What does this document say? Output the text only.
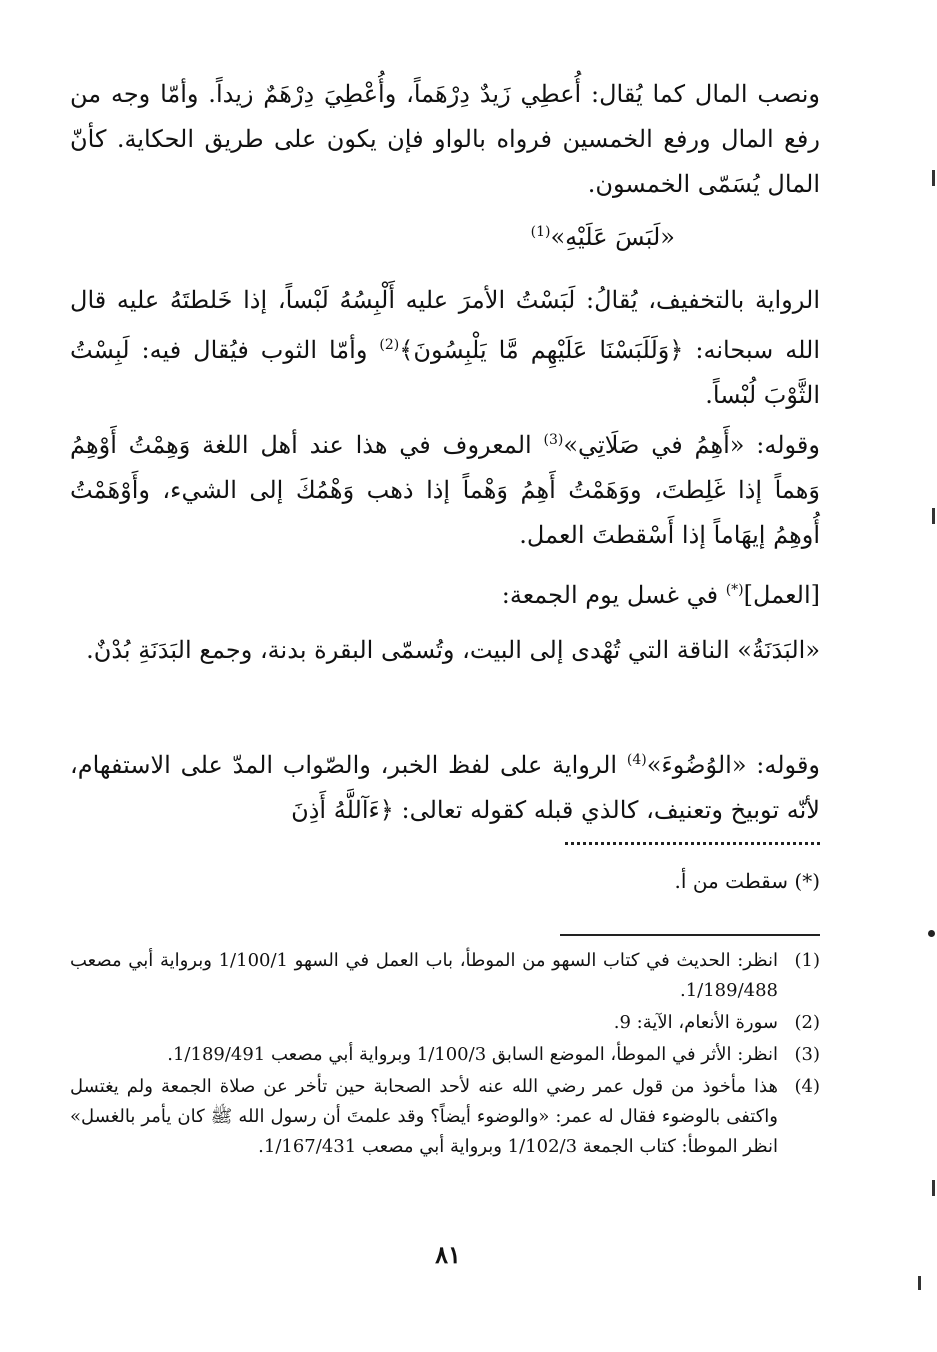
ونصب المال كما يُقال: أُعطِي زَيدٌ دِرْهَماً، وأُعْطِيَ دِرْهَمٌ زيداً. وأمّا وجه من رفع المال ورفع الخمسين فرواه بالواو فإن يكون على طريق الحكاية. كأنّ المال يُسَمّى الخمسون.

«لَبَسَ عَلَيْهِ»$^{(1)}$

الرواية بالتخفيف، يُقالُ: لَبَسْتُ الأمرَ عليه أَلْبِسُهُ لَبْساً، إذا خَلطتَهُ عليه قال الله سبحانه: ﴿وَلَلَبَسْنَا عَلَيْهِم مَّا يَلْبِسُونَ﴾$^{(2)}$ وأمّا الثوب فيُقال فيه: لَبِسْتُ الثَّوْبَ لُبْساً.

وقوله: «أَهِمُ في صَلَاتِي»$^{(3)}$ المعروف في هذا عند أهل اللغة وَهِمْتُ أَوْهِمُ وَهماً إذا غَلِطتَ، ووَهَمْتُ أَهِمُ وَهْماً إذا ذهب وَهْمُكَ إلى الشيء، وأَوْهَمْتُ أُوهِمُ إيهَاماً إذا أَسْقطتَ العمل.

[العمل](*) في غسل يوم الجمعة:

«البَدَنَةُ» الناقة التي تُهْدى إلى البيت، وتُسمّى البقرة بدنة، وجمع البَدَنَةِ بُدْنٌ.

وقوله: «الوُضُوءَ»$^{(4)}$ الرواية على لفظ الخبر، والصّواب المدّ على الاستفهام، لأنّه توبيخ وتعنيف، كالذي قبله كقوله تعالى: ﴿ءَآللَّهُ أَذِنَ

(*) سقطت من أ.
(1)
انظر: الحديث في كتاب السهو من الموطأ، باب العمل في السهو 1/100/1 وبرواية أبي مصعب 1/189/488.
(2)
سورة الأنعام، الآية: 9.
(3)
انظر: الأثر في الموطأ، الموضع السابق 1/100/3 وبرواية أبي مصعب 1/189/491.
(4)
هذا مأخوذ من قول عمر رضي الله عنه لأحد الصحابة حين تأخر عن صلاة الجمعة ولم يغتسل واكتفى بالوضوء فقال له عمر: «والوضوء أيضاً؟ وقد علمتَ أن رسول الله ﷺ كان يأمر بالغسل» انظر الموطأ: كتاب الجمعة 1/102/3 وبرواية أبي مصعب 1/167/431.
٨١
